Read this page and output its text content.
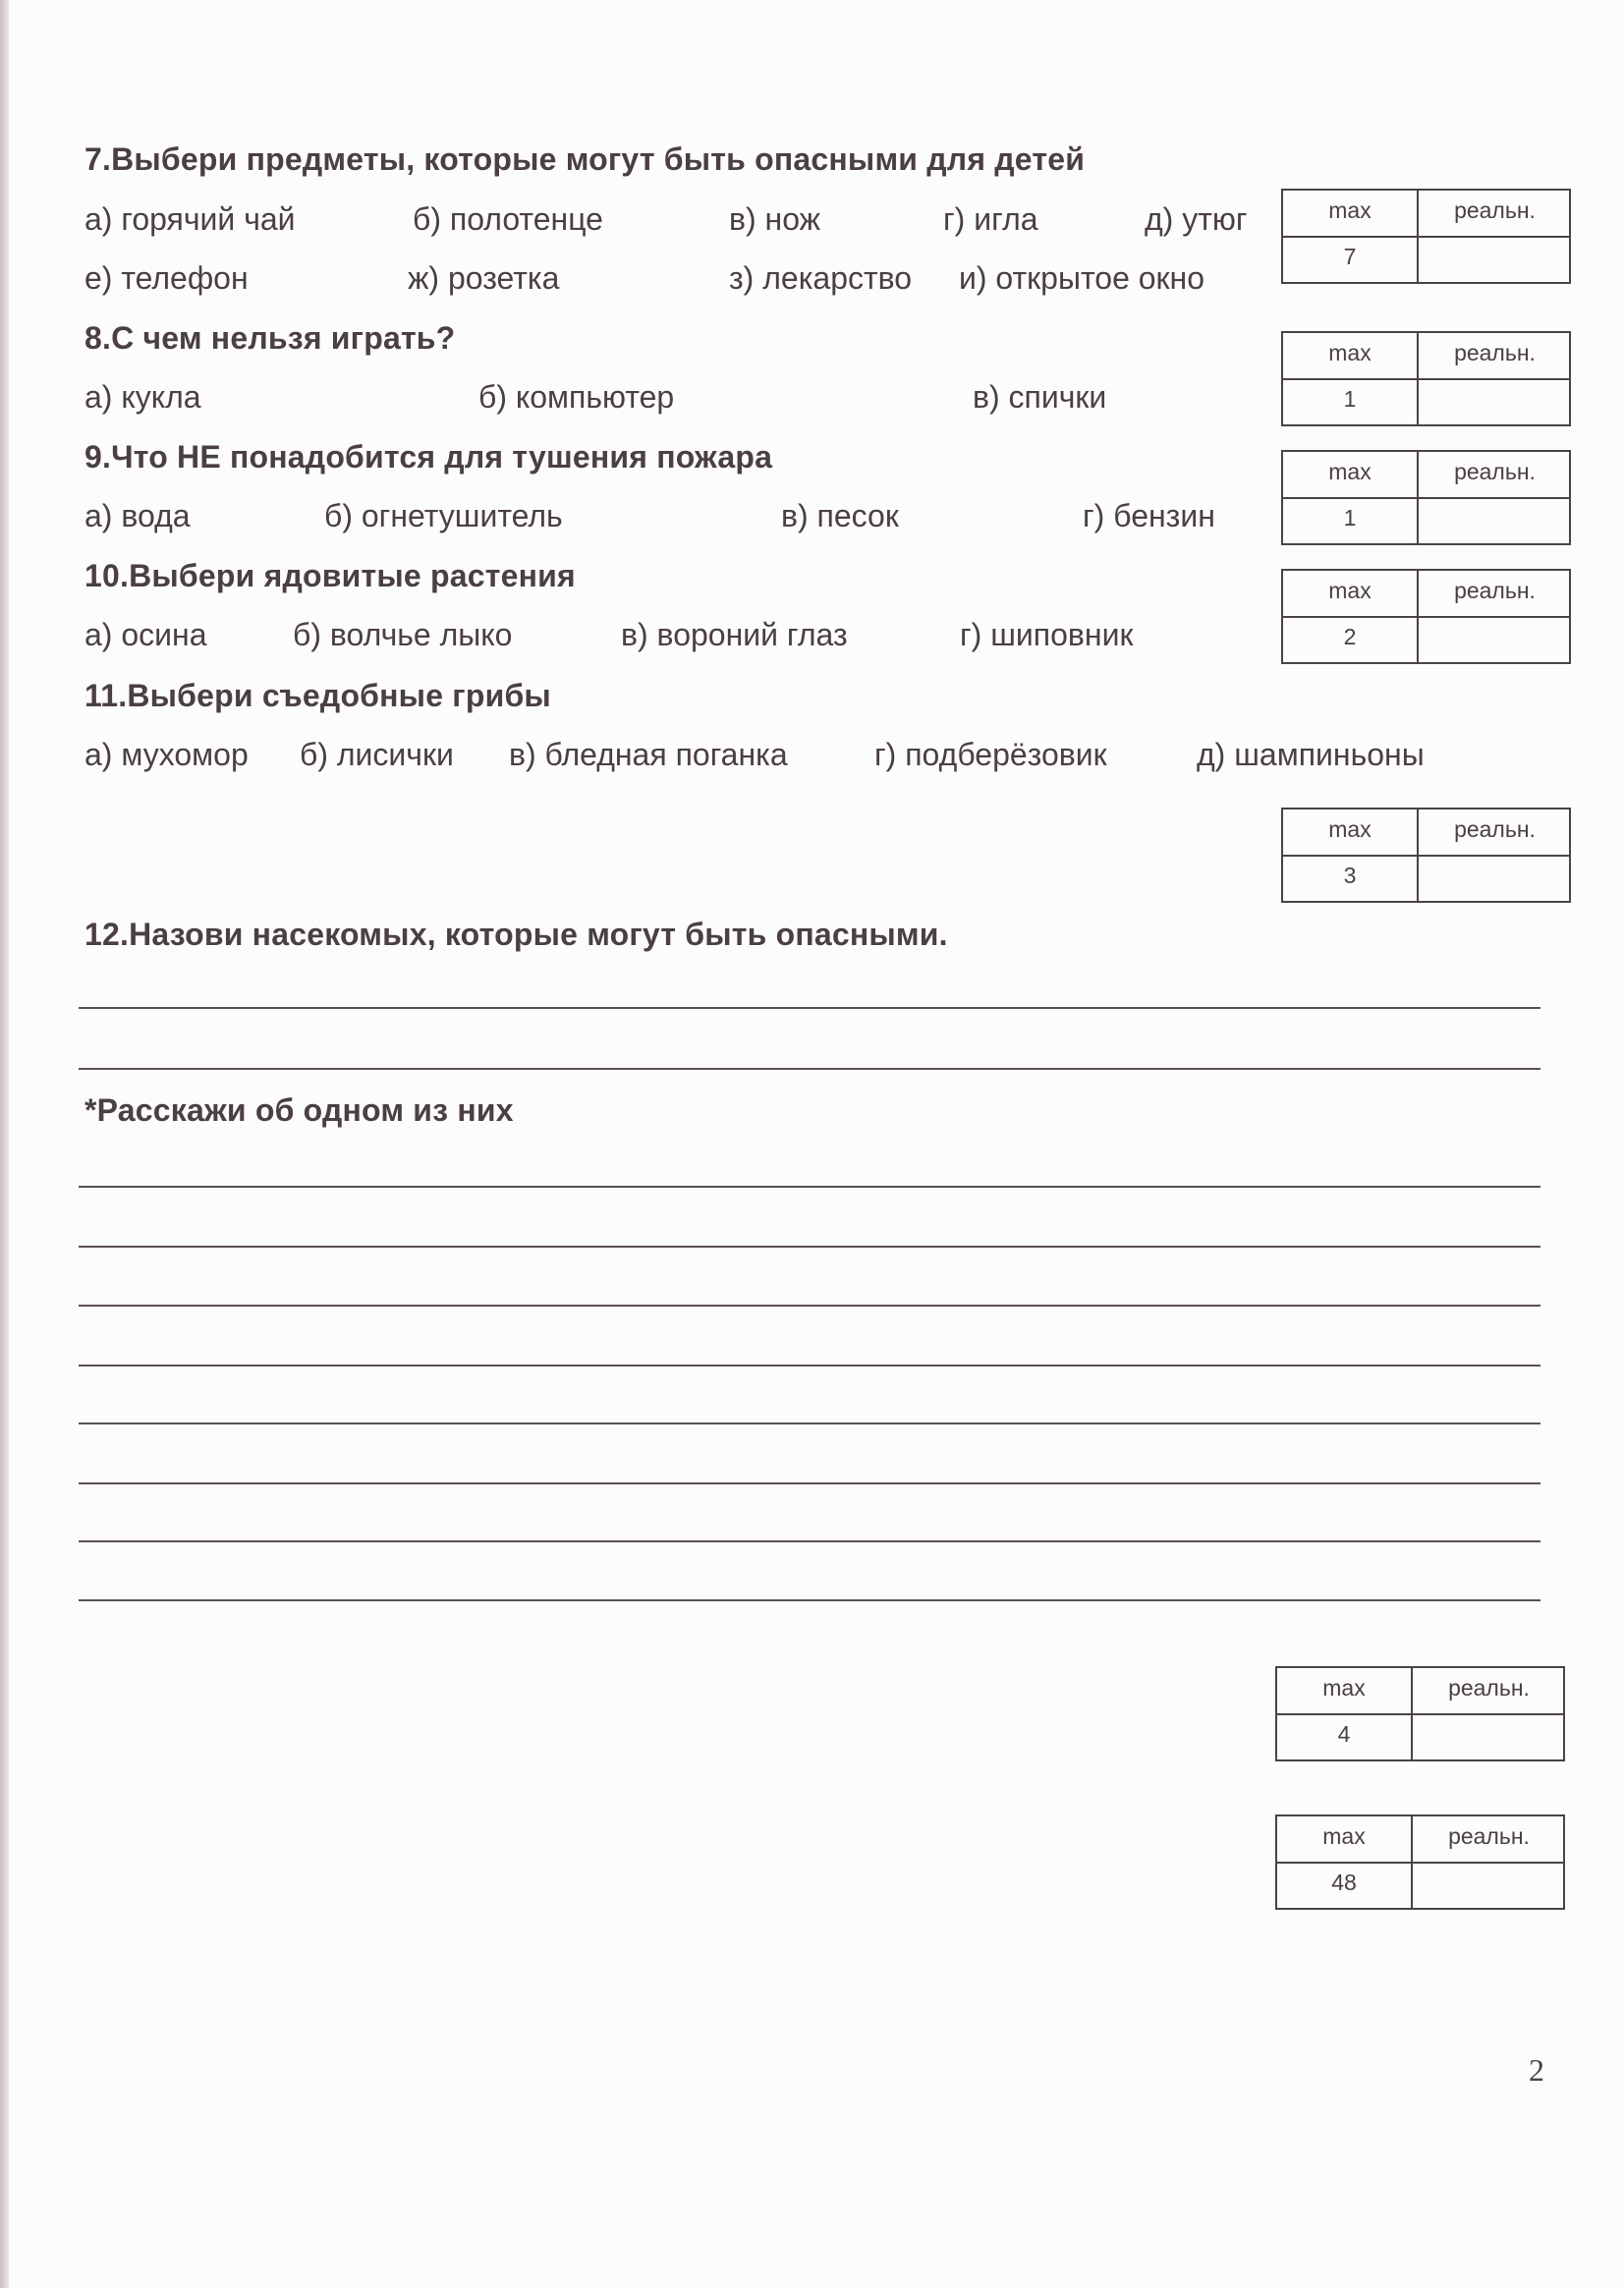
7.Выбери предметы, которые могут быть опасными для детей

а) горячий чай	б) полотенце	в) нож	г) игла	д) утюг

е) телефон	ж) розетка	з) лекарство и) открытое окно

max	реальн.
7

8.С чем нельзя играть?

а) кукла	б) компьютер	в) спички

max	реальн.
1

9.Что НЕ понадобится для тушения пожара

а) вода	б) огнетушитель	в) песок	г) бензин

max	реальн.
1

10.Выбери ядовитые растения

а) осина	б) волчье лыко	в) вороний глаз	г) шиповник

max	реальн.
2

11.Выбери съедобные грибы

а) мухомор б) лисички в) бледная поганка	г) подберёзовик	д) шампиньоны

max	реальн.
3

12.Назови насекомых, которые могут быть опасными.

*Расскажи об одном из них

max	реальн.
4
max	реальн.
48
2
